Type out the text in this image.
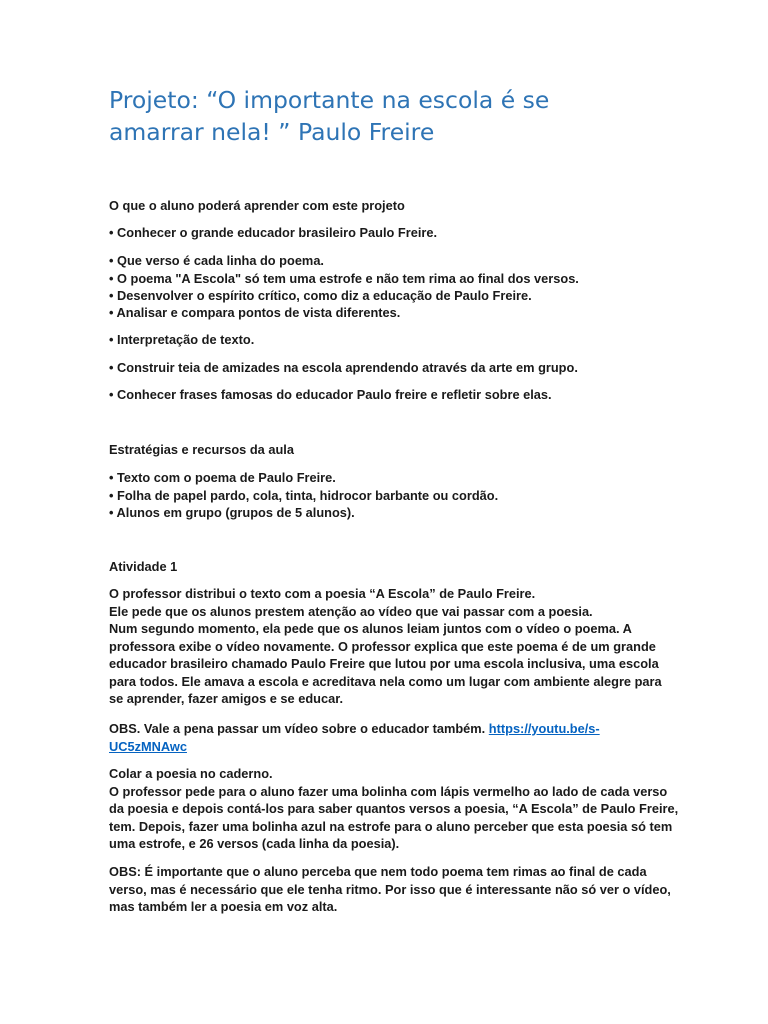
Projeto: “O importante na escola é se
amarrar nela! ” Paulo Freire
O que o aluno poderá aprender com este projeto
• Conhecer o grande educador brasileiro Paulo Freire.
• Que verso é cada linha do poema.
• O poema "A Escola" só tem uma estrofe e não tem rima ao final dos versos.
• Desenvolver o espírito crítico, como diz a educação de Paulo Freire.
• Analisar e compara pontos de vista diferentes.
• Interpretação de texto.
• Construir teia de amizades na escola aprendendo através da arte em grupo.
• Conhecer frases famosas do educador Paulo freire e refletir sobre elas.
Estratégias e recursos da aula
• Texto com o poema de Paulo Freire.
• Folha de papel pardo, cola, tinta, hidrocor barbante ou cordão.
• Alunos em grupo (grupos de 5 alunos).
Atividade 1
O professor distribui o texto com a poesia “A Escola” de Paulo Freire.
Ele pede que os alunos prestem atenção ao vídeo que vai passar com a poesia.
Num segundo momento, ela pede que os alunos leiam juntos com o vídeo o poema. A
professora exibe o vídeo novamente. O professor explica que este poema é de um grande
educador brasileiro chamado Paulo Freire que lutou por uma escola inclusiva, uma escola
para todos. Ele amava a escola e acreditava nela como um lugar com ambiente alegre para
se aprender, fazer amigos e se educar.
OBS. Vale a pena passar um vídeo sobre o educador também. https://youtu.be/s-
UC5zMNAwc
Colar a poesia no caderno.
O professor pede para o aluno fazer uma bolinha com lápis vermelho ao lado de cada verso
da poesia e depois contá-los para saber quantos versos a poesia, “A Escola” de Paulo Freire,
tem. Depois, fazer uma bolinha azul na estrofe para o aluno perceber que esta poesia só tem
uma estrofe, e 26 versos (cada linha da poesia).
OBS: É importante que o aluno perceba que nem todo poema tem rimas ao final de cada
verso, mas é necessário que ele tenha ritmo. Por isso que é interessante não só ver o vídeo,
mas também ler a poesia em voz alta.
